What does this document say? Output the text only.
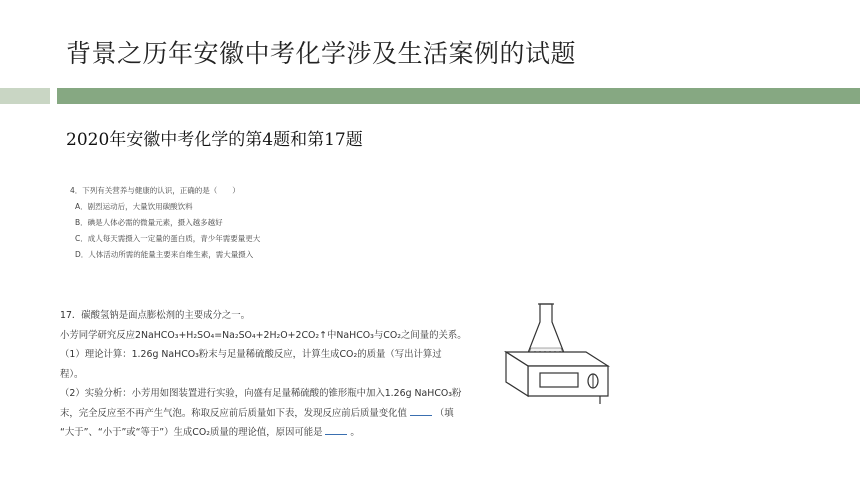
背景之历年安徽中考化学涉及生活案例的试题
2020年安徽中考化学的第4题和第17题
4．下列有关营养与健康的认识，正确的是（　　）
A．剧烈运动后，大量饮用碳酸饮料
B．碘是人体必需的微量元素，摄入越多越好
C．成人每天需摄入一定量的蛋白质，青少年需要量更大
D．人体活动所需的能量主要来自维生素，需大量摄入
17．碳酸氢钠是面点膨松剂的主要成分之一。
小芳同学研究反应2NaHCO₃+H₂SO₄=Na₂SO₄+2H₂O+2CO₂↑中NaHCO₃与CO₂之间量的关系。
（1）理论计算：1.26g NaHCO₃粉末与足量稀硫酸反应，计算生成CO₂的质量（写出计算过
程）。
（2）实验分析：小芳用如图装置进行实验，向盛有足量稀硫酸的锥形瓶中加入1.26g NaHCO₃粉
末，完全反应至不再产生气泡。称取反应前后质量如下表，发现反应前后质量变化值	（填
“大于”、“小于”或“等于”）生成CO₂质量的理论值，原因可能是	。
